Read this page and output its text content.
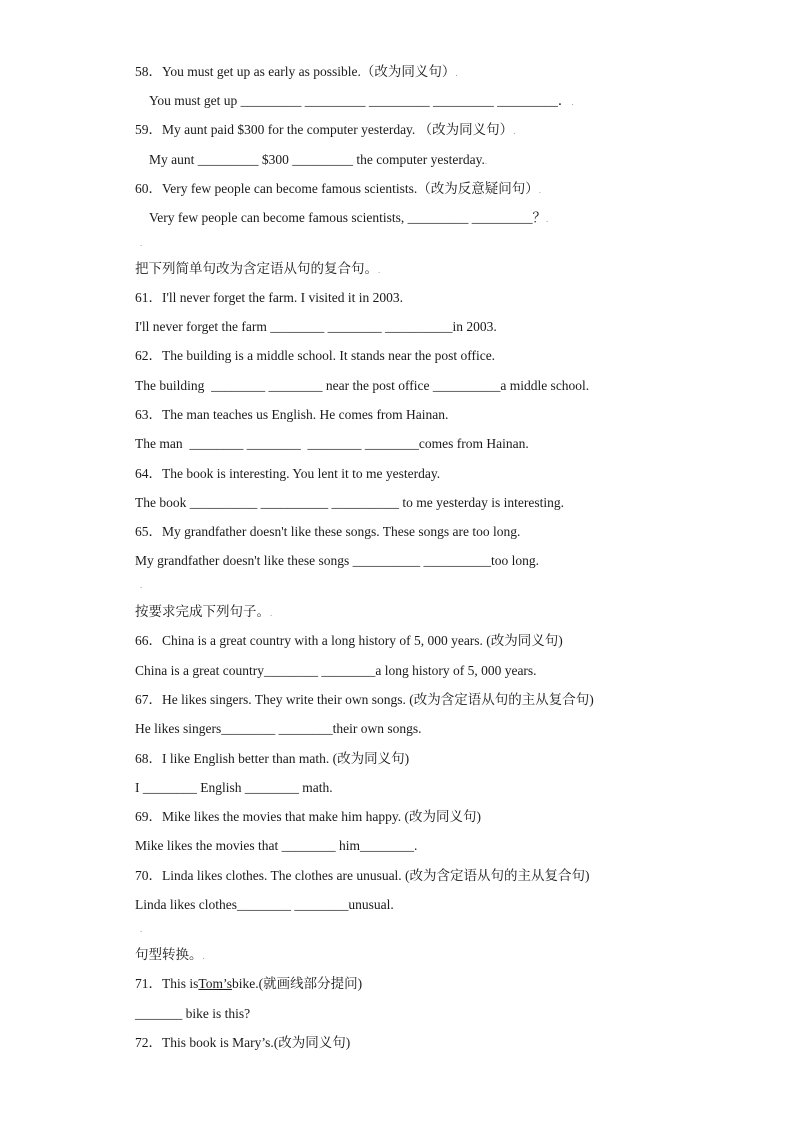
58．You must get up as early as possible.（改为同义句）.
You must get up _________ _________ _________ _________ _________．.
59．My aunt paid $300 for the computer yesterday. （改为同义句）.
My aunt _________ $300 _________ the computer yesterday..
60．Very few people can become famous scientists.（改为反意疑问句）.
Very few people can become famous scientists, _________ _________？.
.
把下列简单句改为含定语从句的复合句。.
61．I'll never forget the farm. I visited it in 2003.
I'll never forget the farm ________ ________ __________in 2003.
62．The building is a middle school. It stands near the post office.
The building  ________ ________ near the post office __________a middle school.
63．The man teaches us English. He comes from Hainan.
The man  ________ ________  ________ ________comes from Hainan.
64．The book is interesting. You lent it to me yesterday.
The book __________ __________ __________ to me yesterday is interesting.
65．My grandfather doesn't like these songs. These songs are too long.
My grandfather doesn't like these songs __________ __________too long.
.
按要求完成下列句子。.
66．China is a great country with a long history of 5, 000 years. (改为同义句)
China is a great country________ ________a long history of 5, 000 years.
67．He likes singers. They write their own songs. (改为含定语从句的主从复合句)
He likes singers________ ________their own songs.
68．I like English better than math. (改为同义句)
I ________ English ________ math.
69．Mike likes the movies that make him happy. (改为同义句)
Mike likes the movies that ________ him________.
70．Linda likes clothes. The clothes are unusual. (改为含定语从句的主从复合句)
Linda likes clothes________ ________unusual.
.
句型转换。.
71．This isTom’sbike.(就画线部分提问)
_______ bike is this?
72．This book is Mary’s.(改为同义句)
